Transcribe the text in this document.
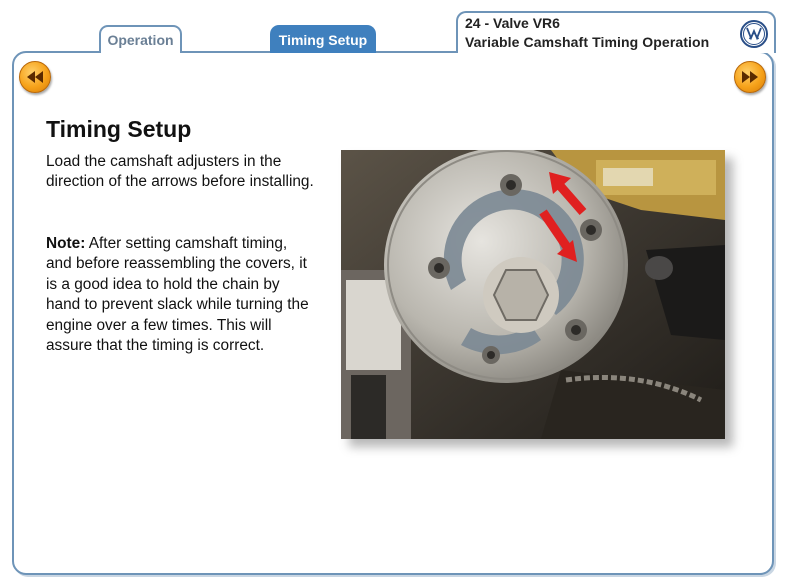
Operation	Timing Setup
24 - Valve VR6
Variable Camshaft Timing Operation
Timing Setup
Load the camshaft adjusters in the direction of the arrows before installing.
Note: After setting camshaft timing, and before reassembling the covers, it is a good idea to hold the chain by hand to prevent slack while turning the engine over a few times. This will assure that the timing is correct.
